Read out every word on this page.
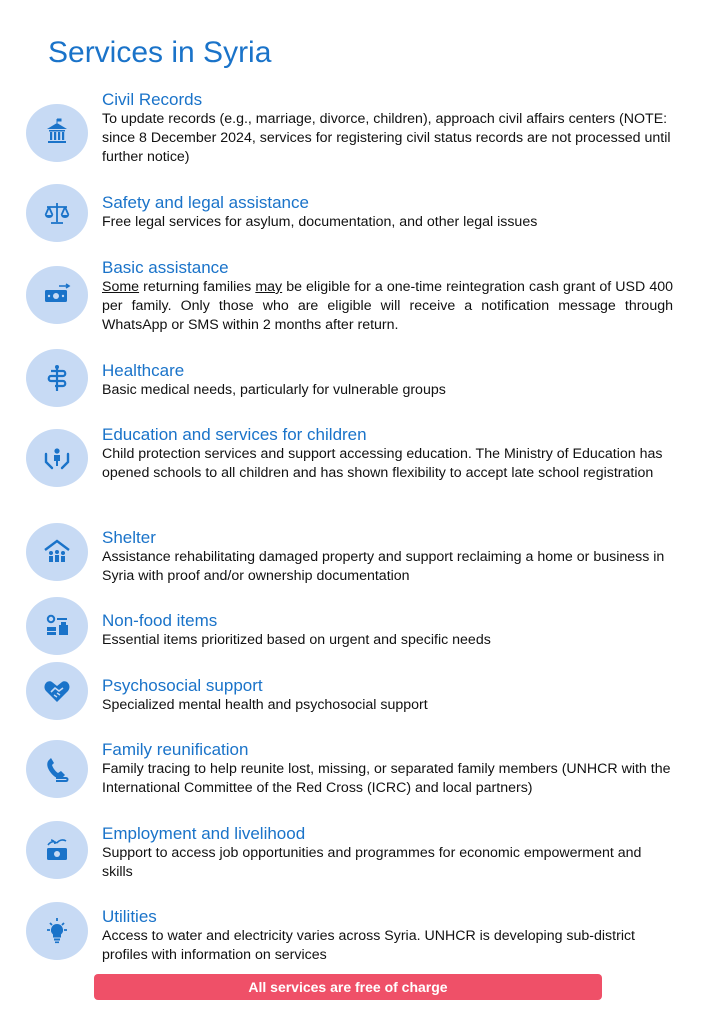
Services in Syria

Civil Records

To update records (e.g., marriage, divorce, children), approach civil affairs centers (NOTE: since 8 December 2024, services for registering civil status records are not processed until further notice)

Safety and legal assistance

Free legal services for asylum, documentation, and other legal issues

Basic assistance

Some returning families may be eligible for a one-time reintegration cash grant of USD 400 per family. Only those who are eligible will receive a notification message through WhatsApp or SMS within 2 months after return.

Healthcare

Basic medical needs, particularly for vulnerable groups

Education and services for children

Child protection services and support accessing education. The Ministry of Education has opened schools to all children and has shown flexibility to accept late school registration

Shelter

Assistance rehabilitating damaged property and support reclaiming a home or business in Syria with proof and/or ownership documentation

Non-food items

Essential items prioritized based on urgent and specific needs

Psychosocial support

Specialized mental health and psychosocial support

Family reunification

Family tracing to help reunite lost, missing, or separated family members (UNHCR with the International Committee of the Red Cross (ICRC) and local partners)

Employment and livelihood

Support to access job opportunities and programmes for economic empowerment and skills

Utilities

Access to water and electricity varies across Syria. UNHCR is developing sub-district profiles with information on services

All services are free of charge
